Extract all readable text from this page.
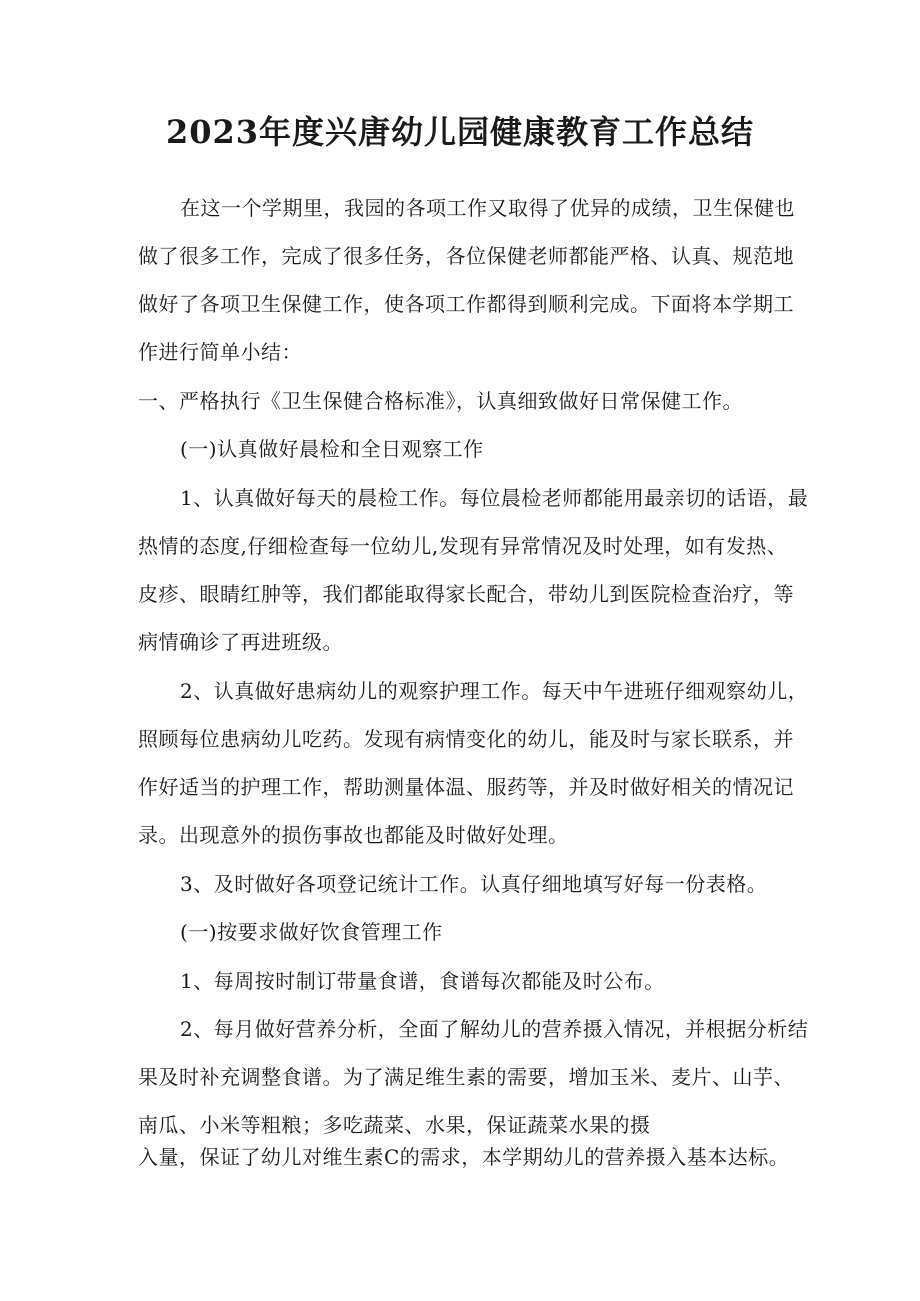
2023年度兴唐幼儿园健康教育工作总结
在这一个学期里，我园的各项工作又取得了优异的成绩，卫生保健也
做了很多工作，完成了很多任务，各位保健老师都能严格、认真、规范地
做好了各项卫生保健工作，使各项工作都得到顺利完成。下面将本学期工
作进行简单小结：
一、严格执行《卫生保健合格标准》，认真细致做好日常保健工作。
(一)认真做好晨检和全日观察工作
1、认真做好每天的晨检工作。每位晨检老师都能用最亲切的话语，最
热情的态度,仔细检查每一位幼儿,发现有异常情况及时处理，如有发热、
皮疹、眼睛红肿等，我们都能取得家长配合，带幼儿到医院检查治疗，等
病情确诊了再进班级。
2、认真做好患病幼儿的观察护理工作。每天中午进班仔细观察幼儿，
照顾每位患病幼儿吃药。发现有病情变化的幼儿，能及时与家长联系，并
作好适当的护理工作，帮助测量体温、服药等，并及时做好相关的情况记
录。出现意外的损伤事故也都能及时做好处理。
3、及时做好各项登记统计工作。认真仔细地填写好每一份表格。
(一)按要求做好饮食管理工作
1、每周按时制订带量食谱，食谱每次都能及时公布。
2、每月做好营养分析，全面了解幼儿的营养摄入情况，并根据分析结
果及时补充调整食谱。为了满足维生素的需要，增加玉米、麦片、山芋、
南瓜、小米等粗粮；多吃蔬菜、水果，保证蔬菜水果的摄
入量，保证了幼儿对维生素C的需求，本学期幼儿的营养摄入基本达标。
